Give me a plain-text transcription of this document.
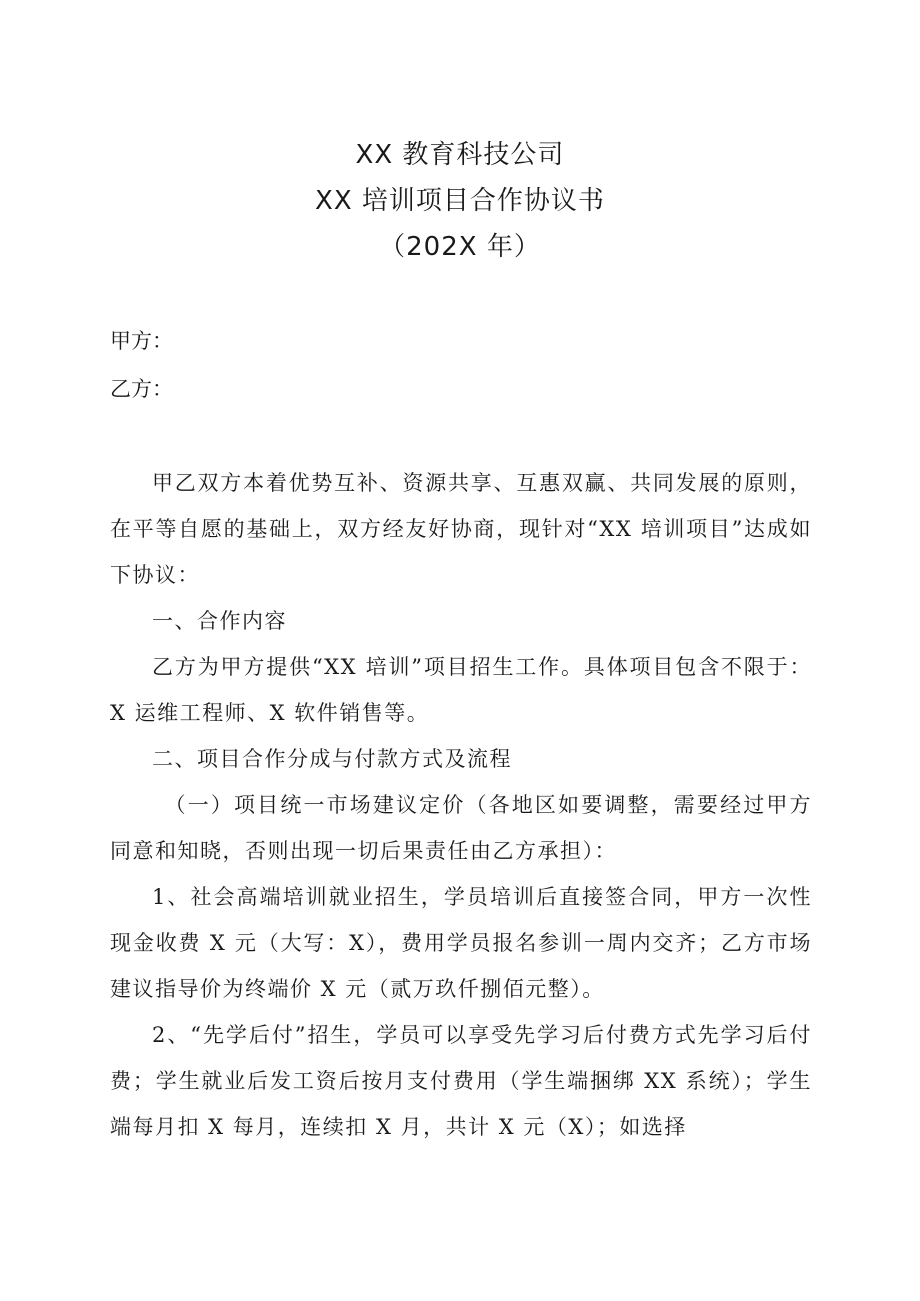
XX 教育科技公司
XX 培训项目合作协议书
（202X 年）
甲方：
乙方：

甲乙双方本着优势互补、资源共享、互惠双赢、共同发展的原则，在平等自愿的基础上，双方经友好协商，现针对“XX 培训项目”达成如下协议：

一、合作内容

乙方为甲方提供“XX 培训”项目招生工作。具体项目包含不限于：X 运维工程师、X 软件销售等。

二、项目合作分成与付款方式及流程

（一）项目统一市场建议定价（各地区如要调整，需要经过甲方同意和知晓，否则出现一切后果责任由乙方承担）：

1、社会高端培训就业招生，学员培训后直接签合同，甲方一次性现金收费 X 元（大写：X），费用学员报名参训一周内交齐；乙方市场建议指导价为终端价 X 元（贰万玖仟捌佰元整）。

2、“先学后付”招生，学员可以享受先学习后付费方式先学习后付费；学生就业后发工资后按月支付费用（学生端捆绑 XX 系统）；学生端每月扣 X 每月，连续扣 X 月，共计 X 元（X）；如选择
